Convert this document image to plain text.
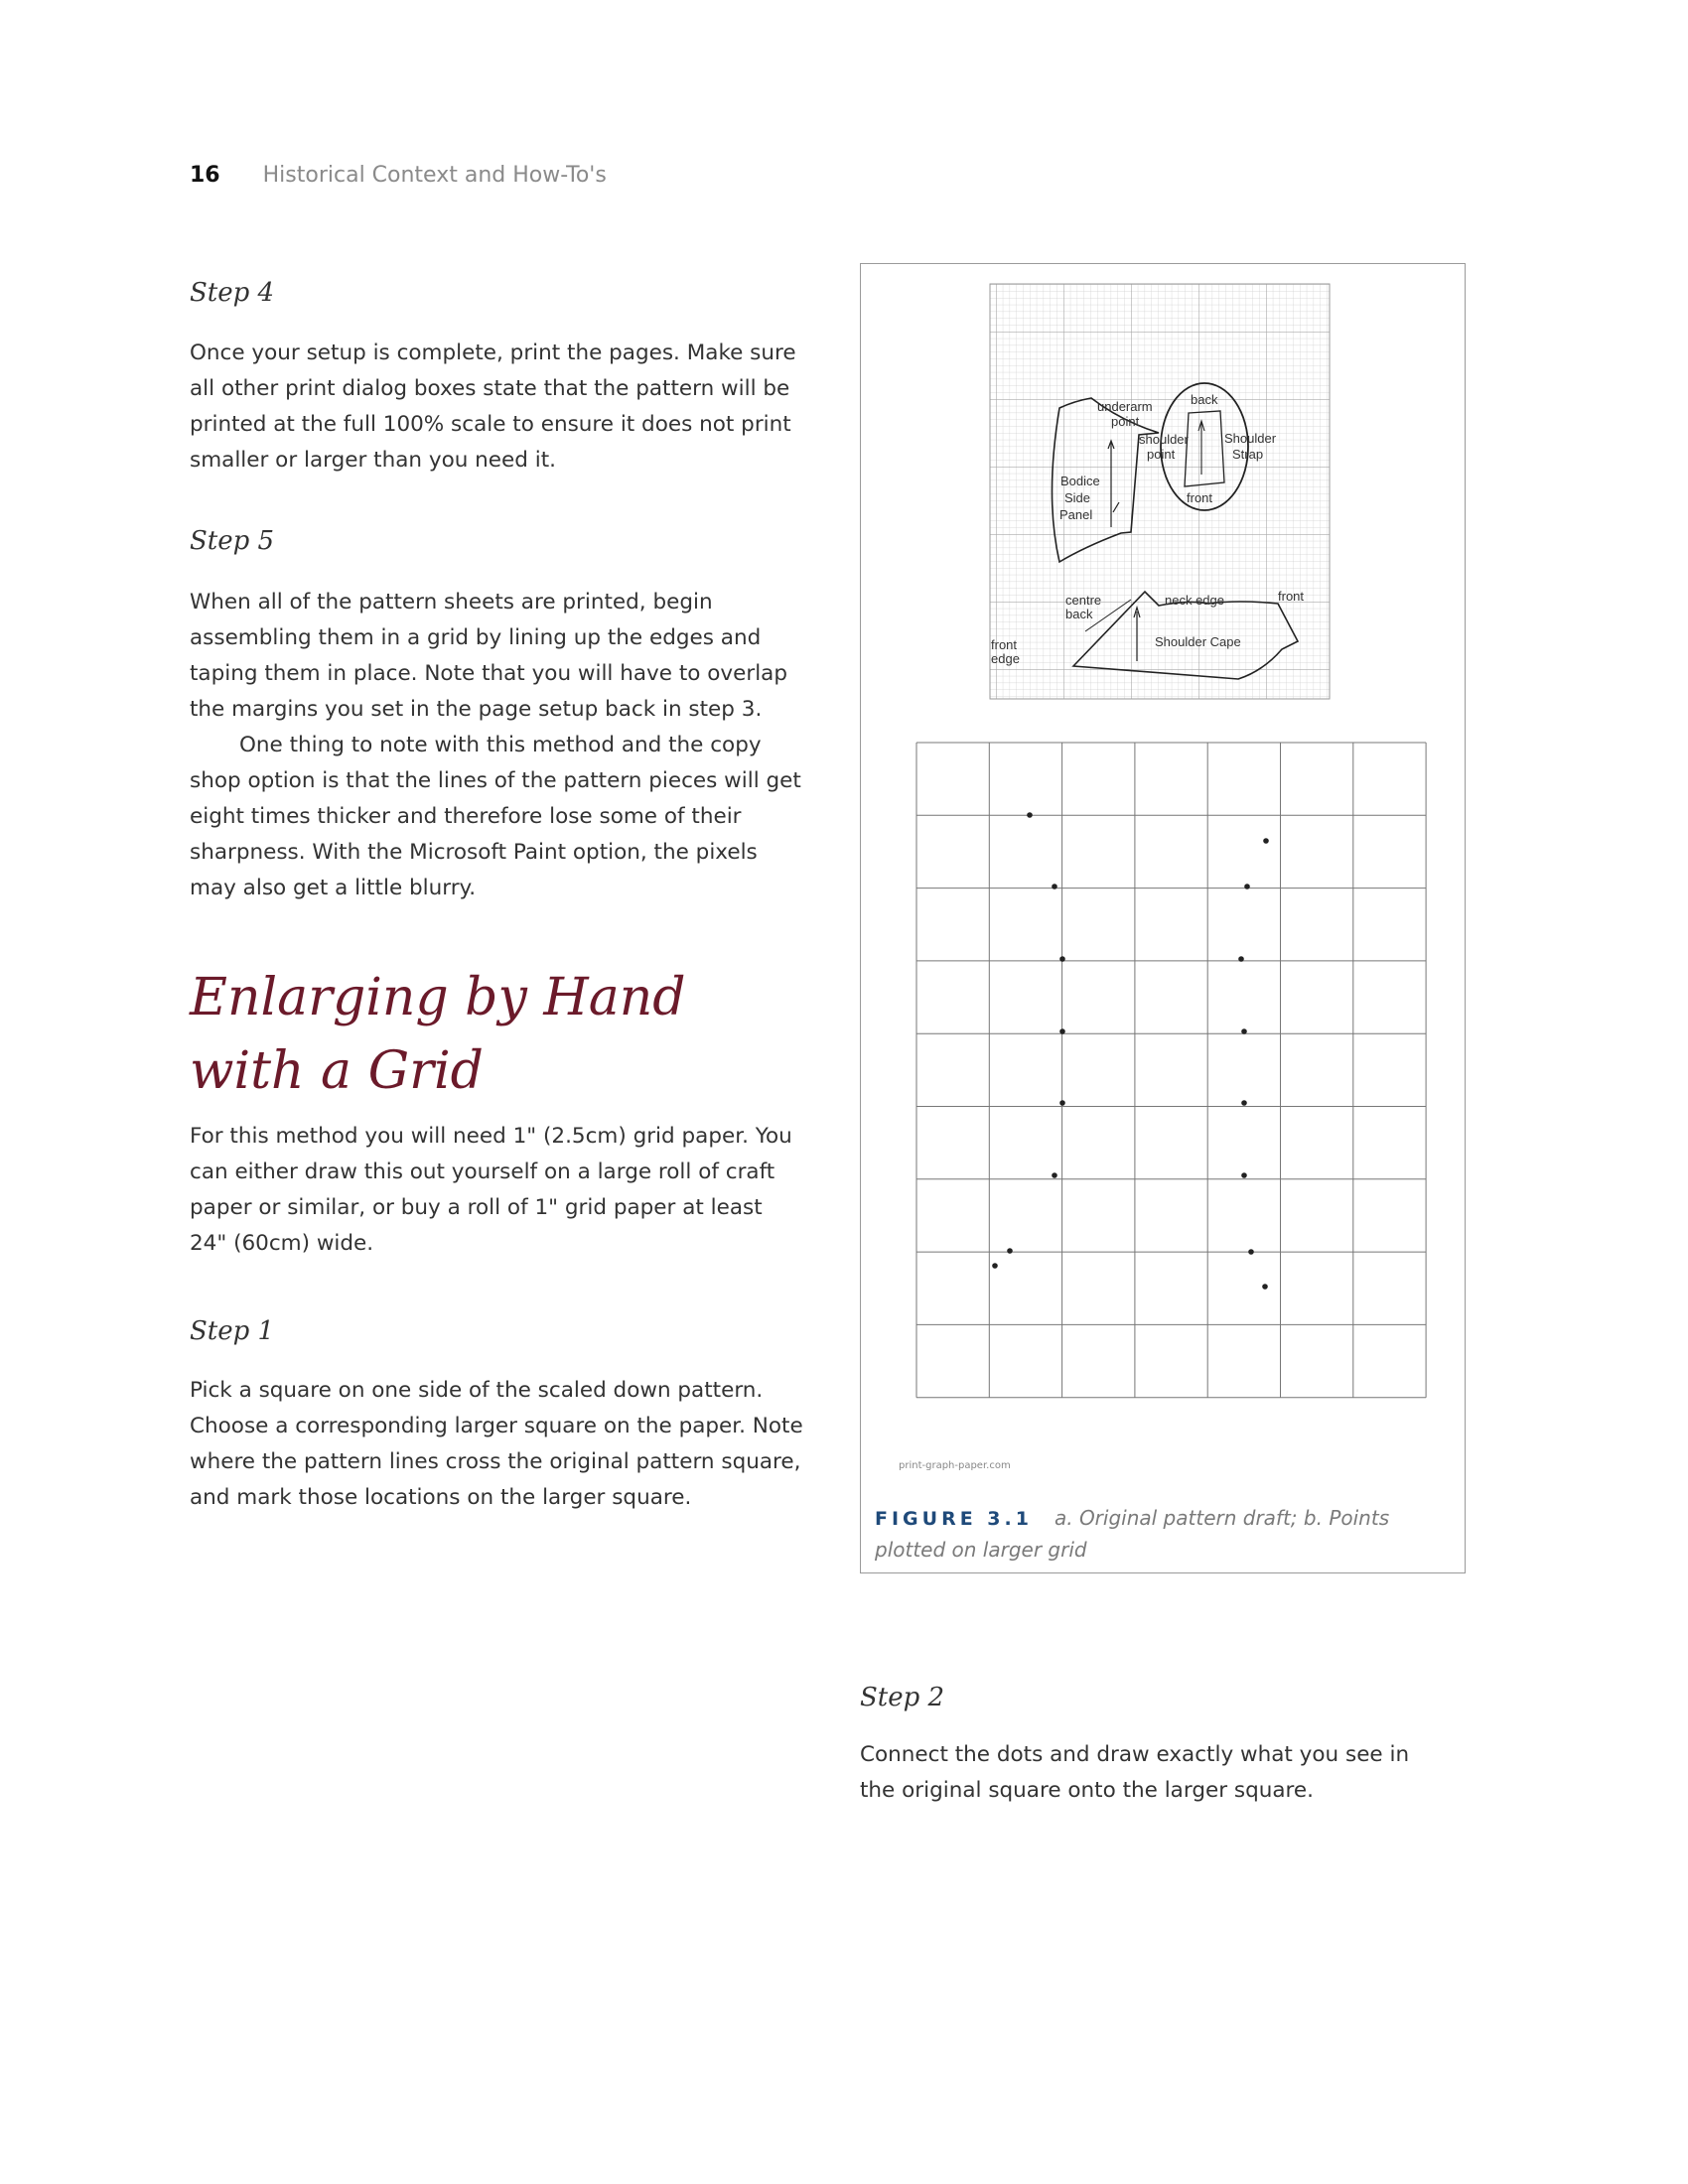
16 Historical Context and How-To's
Step 4

Once your setup is complete, print the pages. Make sure all other print dialog boxes state that the pattern will be printed at the full 100% scale to ensure it does not print smaller or larger than you need it.

Step 5

When all of the pattern sheets are printed, begin assembling them in a grid by lining up the edges and taping them in place. Note that you will have to overlap the margins you set in the page setup back in step 3.

One thing to note with this method and the copy shop option is that the lines of the pattern pieces will get eight times thicker and therefore lose some of their sharpness. With the Microsoft Paint option, the pixels may also get a little blurry.

Enlarging by Hand
with a Grid

For this method you will need 1" (2.5cm) grid paper. You can either draw this out yourself on a large roll of craft paper or similar, or buy a roll of 1" grid paper at least 24" (60cm) wide.

Step 1

Pick a square on one side of the scaled down pattern. Choose a corresponding larger square on the paper. Note where the pattern lines cross the original pattern square, and mark those locations on the larger square.

underarm
point
back
shoulder
point
Shoulder
Strap
front
Bodice
Side
Panel
centre
back
neck edge	front
Shoulder Cape
front
edge
print-graph-paper.com
FIGURE 3.1 a. Original pattern draft; b. Points plotted on larger grid
Step 2

Connect the dots and draw exactly what you see in the original square onto the larger square.
